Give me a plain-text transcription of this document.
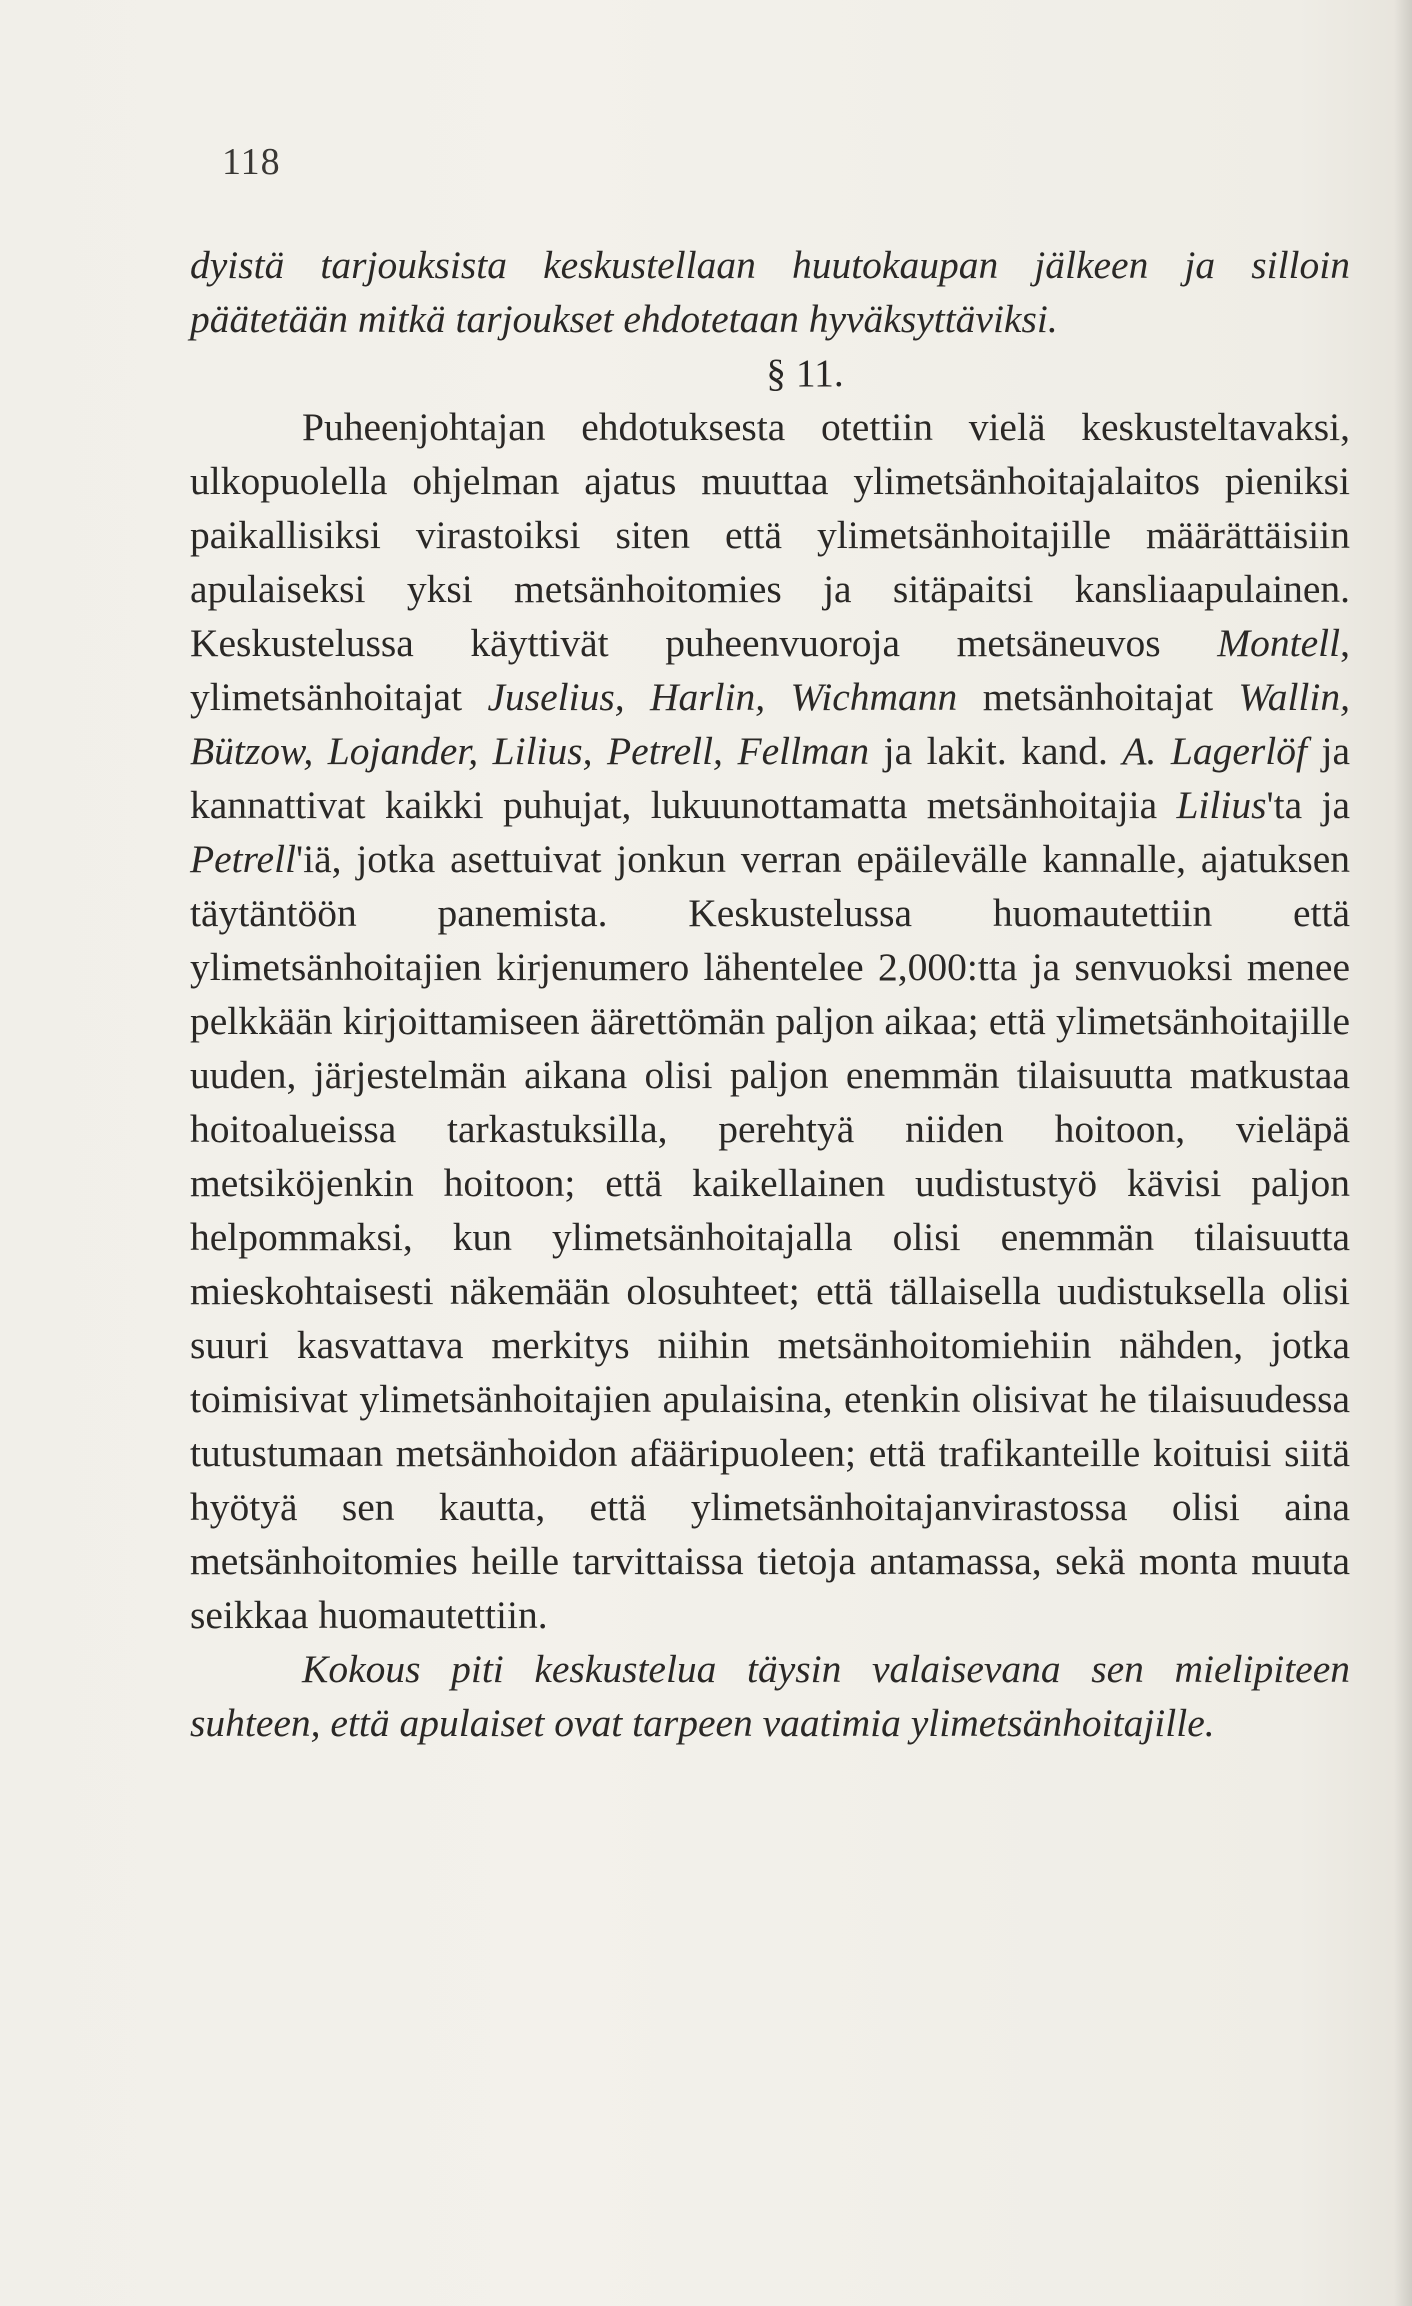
118

dyistä tarjouksista keskustellaan huutokaupan jälkeen ja silloin päätetään mitkä tarjoukset ehdotetaan hyväksyttäviksi.

§ 11.

Puheenjohtajan ehdotuksesta otettiin vielä keskusteltavaksi, ulkopuolella ohjelman ajatus muuttaa ylimetsänhoitajalaitos pieniksi paikallisiksi virastoiksi siten että ylimetsänhoitajille määrättäisiin apulaiseksi yksi metsänhoitomies ja sitäpaitsi kansliaapulainen. Keskustelussa käyttivät puheenvuoroja metsäneuvos Montell, ylimetsänhoitajat Juselius, Harlin, Wichmann metsänhoitajat Wallin, Bützow, Lojander, Lilius, Petrell, Fellman ja lakit. kand. A. Lagerlöf ja kannattivat kaikki puhujat, lukuunottamatta metsänhoitajia Lilius'ta ja Petrell'iä, jotka asettuivat jonkun verran epäilevälle kannalle, ajatuksen täytäntöön panemista. Keskustelussa huomautettiin että ylimetsänhoitajien kirjenumero lähentelee 2,000:tta ja senvuoksi menee pelkkään kirjoittamiseen äärettömän paljon aikaa; että ylimetsänhoitajille uuden, järjestelmän aikana olisi paljon enemmän tilaisuutta matkustaa hoitoalueissa tarkastuksilla, perehtyä niiden hoitoon, vieläpä metsiköjenkin hoitoon; että kaikellainen uudistustyö kävisi paljon helpommaksi, kun ylimetsänhoitajalla olisi enemmän tilaisuutta mieskohtaisesti näkemään olosuhteet; että tällaisella uudistuksella olisi suuri kasvattava merkitys niihin metsänhoitomiehiin nähden, jotka toimisivat ylimetsänhoitajien apulaisina, etenkin olisivat he tilaisuudessa tutustumaan metsänhoidon afääripuoleen; että trafikanteille koituisi siitä hyötyä sen kautta, että ylimetsänhoitajanvirastossa olisi aina metsänhoitomies heille tarvittaissa tietoja antamassa, sekä monta muuta seikkaa huomautettiin.

Kokous piti keskustelua täysin valaisevana sen mielipiteen suhteen, että apulaiset ovat tarpeen vaatimia ylimetsänhoitajille.
